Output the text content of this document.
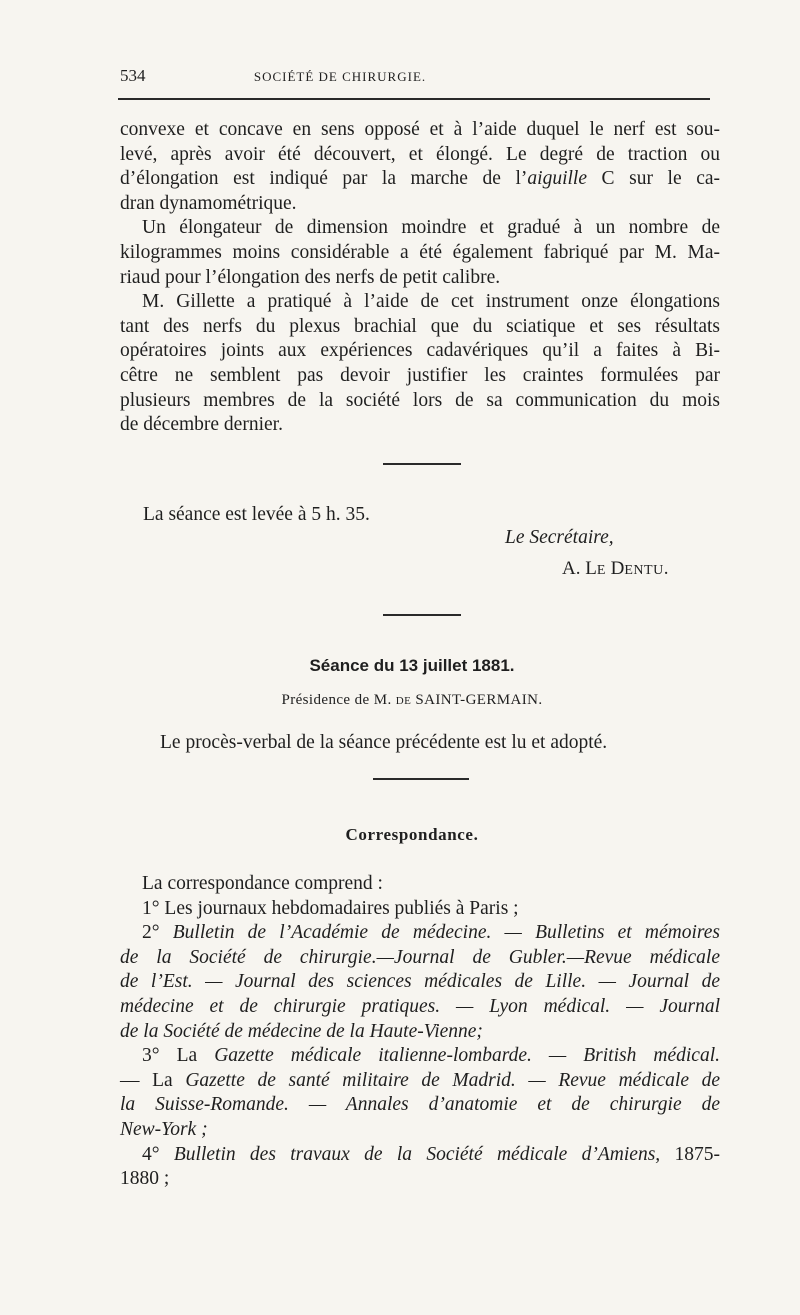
534	SOCIÉTÉ DE CHIRURGIE.

convexe et concave en sens opposé et à l’aide duquel le nerf est sou-
levé, après avoir été découvert, et élongé. Le degré de traction ou
d’élongation est indiqué par la marche de l’aiguille C sur le ca-
dran dynamométrique.

Un élongateur de dimension moindre et gradué à un nombre de
kilogrammes moins considérable a été également fabriqué par M. Ma-
riaud pour l’élongation des nerfs de petit calibre.

M. Gillette a pratiqué à l’aide de cet instrument onze élongations
tant des nerfs du plexus brachial que du sciatique et ses résultats
opératoires joints aux expériences cadavériques qu’il a faites à Bi-
cêtre ne semblent pas devoir justifier les craintes formulées par
plusieurs membres de la société lors de sa communication du mois
de décembre dernier.

La séance est levée à 5 h. 35.
Le Secrétaire,
A. LE DENTU.
Séance du 13 juillet 1881.
Présidence de M. DE SAINT-GERMAIN.
Le procès-verbal de la séance précédente est lu et adopté.
Correspondance.

La correspondance comprend :

1° Les journaux hebdomadaires publiés à Paris ;

2° Bulletin de l’Académie de médecine. — Bulletins et mémoires
de la Société de chirurgie.—Journal de Gubler.—Revue médicale
de l’Est. — Journal des sciences médicales de Lille. — Journal de
médecine et de chirurgie pratiques. — Lyon médical. — Journal
de la Société de médecine de la Haute-Vienne;

3° La Gazette médicale italienne-lombarde. — British médical.
— La Gazette de santé militaire de Madrid. — Revue médicale de
la Suisse-Romande. — Annales d’anatomie et de chirurgie de
New-York ;

4° Bulletin des travaux de la Société médicale d’Amiens, 1875-
1880 ;
